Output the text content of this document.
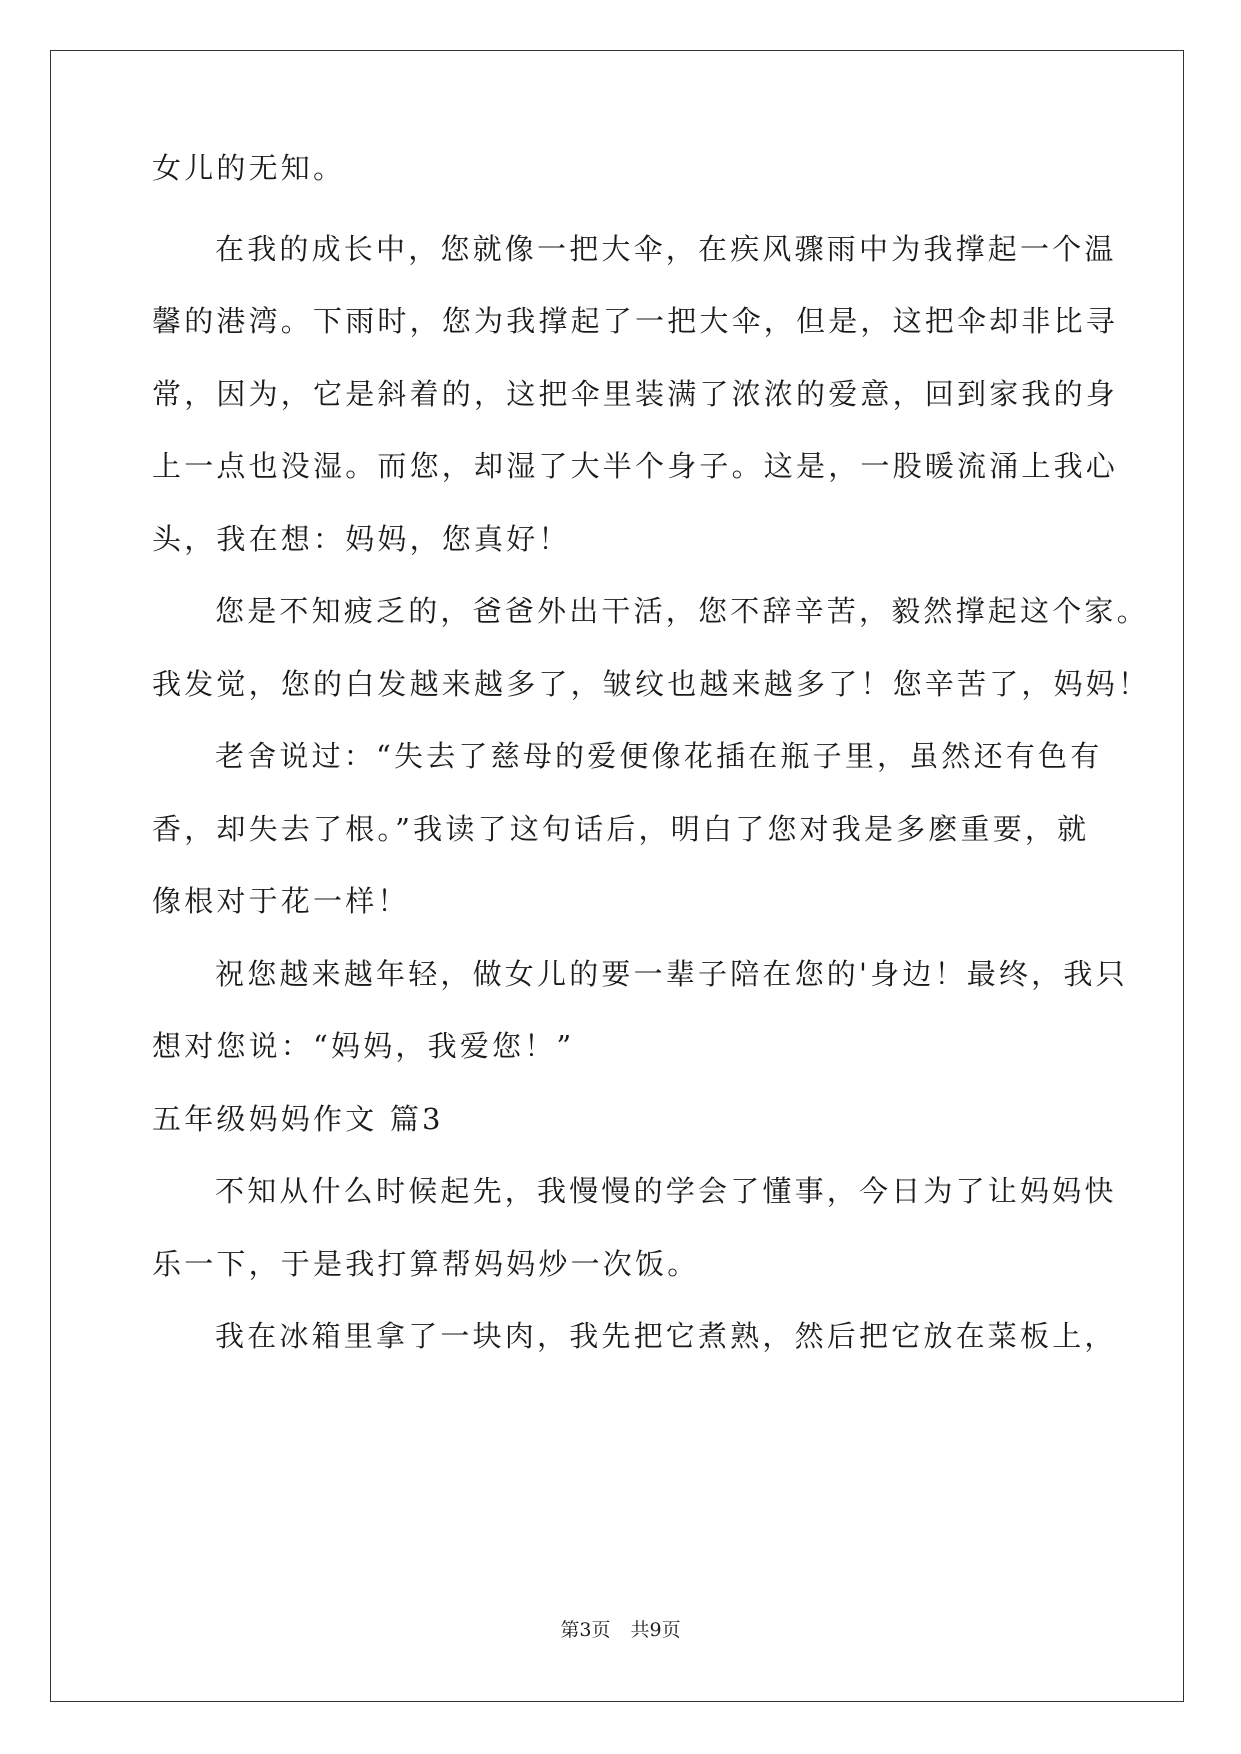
女儿的无知。
在我的成长中，您就像一把大伞，在疾风骤雨中为我撑起一个温
馨的港湾。下雨时，您为我撑起了一把大伞，但是，这把伞却非比寻
常，因为，它是斜着的，这把伞里装满了浓浓的爱意，回到家我的身
上一点也没湿。而您，却湿了大半个身子。这是，一股暖流涌上我心
头，我在想：妈妈，您真好！
您是不知疲乏的，爸爸外出干活，您不辞辛苦，毅然撑起这个家。
我发觉，您的白发越来越多了，皱纹也越来越多了！您辛苦了，妈妈！
老舍说过：“失去了慈母的爱便像花插在瓶子里，虽然还有色有
香，却失去了根。”我读了这句话后，明白了您对我是多麽重要，就
像根对于花一样！
祝您越来越年轻，做女儿的要一辈子陪在您的'身边！最终，我只
想对您说：“妈妈，我爱您！”
五年级妈妈作文 篇3
不知从什么时候起先，我慢慢的学会了懂事，今日为了让妈妈快
乐一下，于是我打算帮妈妈炒一次饭。
我在冰箱里拿了一块肉，我先把它煮熟，然后把它放在菜板上，
第3页 共9页
